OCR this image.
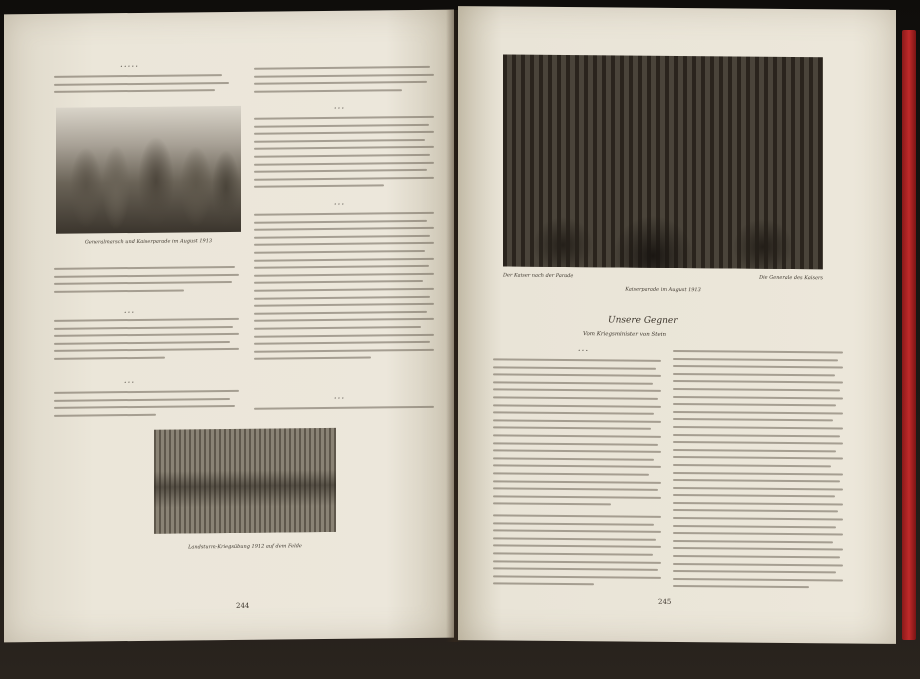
· · · · ·
Generalmarsch und Kaiserparade im August 1913
· · ·
· · ·
· · ·
· · ·
· · ·
Landsturm-Kriegsübung 1912 auf dem Felde
244
Der Kaiser nach der Parade	Die Generale des Kaisers
Kaiserparade im August 1913
Unsere Gegner
Vom Kriegsminister von Stein
· · ·
245
